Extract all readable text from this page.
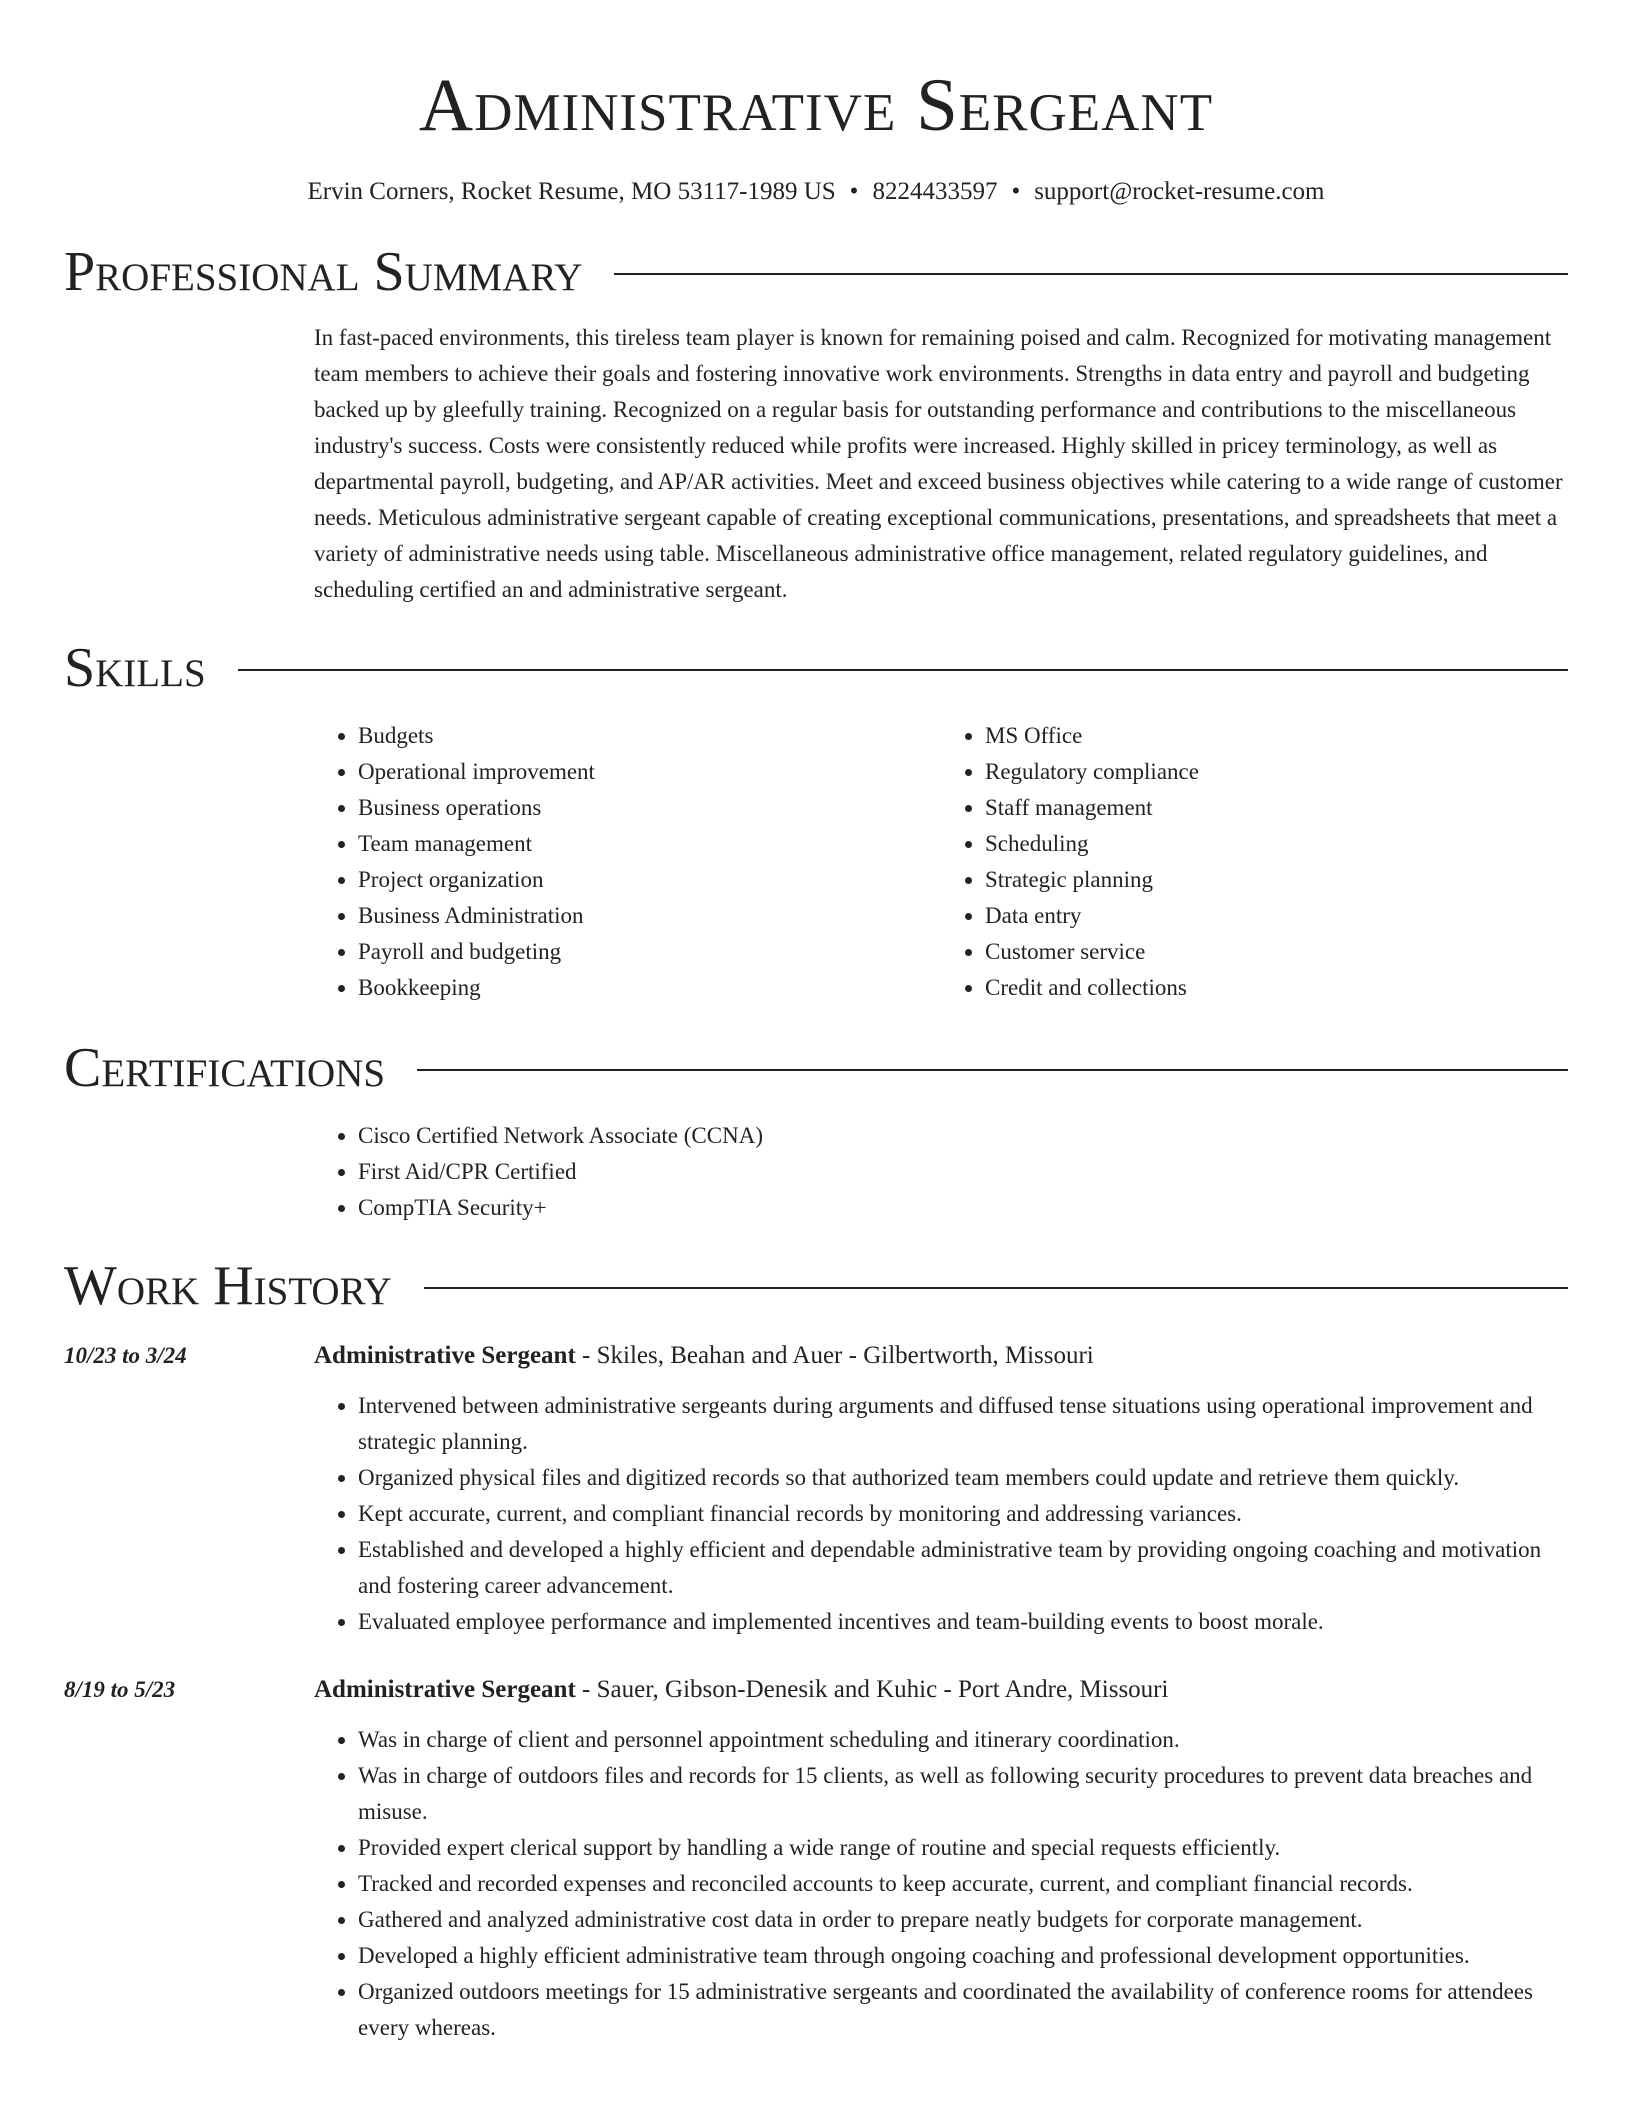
Administrative Sergeant
Ervin Corners, Rocket Resume, MO 53117-1989 US • 8224433597 • support@rocket-resume.com
Professional Summary
In fast-paced environments, this tireless team player is known for remaining poised and calm. Recognized for motivating management team members to achieve their goals and fostering innovative work environments. Strengths in data entry and payroll and budgeting backed up by gleefully training. Recognized on a regular basis for outstanding performance and contributions to the miscellaneous industry's success. Costs were consistently reduced while profits were increased. Highly skilled in pricey terminology, as well as departmental payroll, budgeting, and AP/AR activities. Meet and exceed business objectives while catering to a wide range of customer needs. Meticulous administrative sergeant capable of creating exceptional communications, presentations, and spreadsheets that meet a variety of administrative needs using table. Miscellaneous administrative office management, related regulatory guidelines, and scheduling certified an and administrative sergeant.
Skills
• Budgets
• Operational improvement
• Business operations
• Team management
• Project organization
• Business Administration
• Payroll and budgeting
• Bookkeeping
• MS Office
• Regulatory compliance
• Staff management
• Scheduling
• Strategic planning
• Data entry
• Customer service
• Credit and collections
Certifications
• Cisco Certified Network Associate (CCNA)
• First Aid/CPR Certified
• CompTIA Security+
Work History
10/23 to 3/24	Administrative Sergeant - Skiles, Beahan and Auer - Gilbertworth, Missouri
• Intervened between administrative sergeants during arguments and diffused tense situations using operational improvement and strategic planning.
• Organized physical files and digitized records so that authorized team members could update and retrieve them quickly.
• Kept accurate, current, and compliant financial records by monitoring and addressing variances.
• Established and developed a highly efficient and dependable administrative team by providing ongoing coaching and motivation and fostering career advancement.
• Evaluated employee performance and implemented incentives and team-building events to boost morale.
8/19 to 5/23	Administrative Sergeant - Sauer, Gibson-Denesik and Kuhic - Port Andre, Missouri
• Was in charge of client and personnel appointment scheduling and itinerary coordination.
• Was in charge of outdoors files and records for 15 clients, as well as following security procedures to prevent data breaches and misuse.
• Provided expert clerical support by handling a wide range of routine and special requests efficiently.
• Tracked and recorded expenses and reconciled accounts to keep accurate, current, and compliant financial records.
• Gathered and analyzed administrative cost data in order to prepare neatly budgets for corporate management.
• Developed a highly efficient administrative team through ongoing coaching and professional development opportunities.
• Organized outdoors meetings for 15 administrative sergeants and coordinated the availability of conference rooms for attendees every whereas.
